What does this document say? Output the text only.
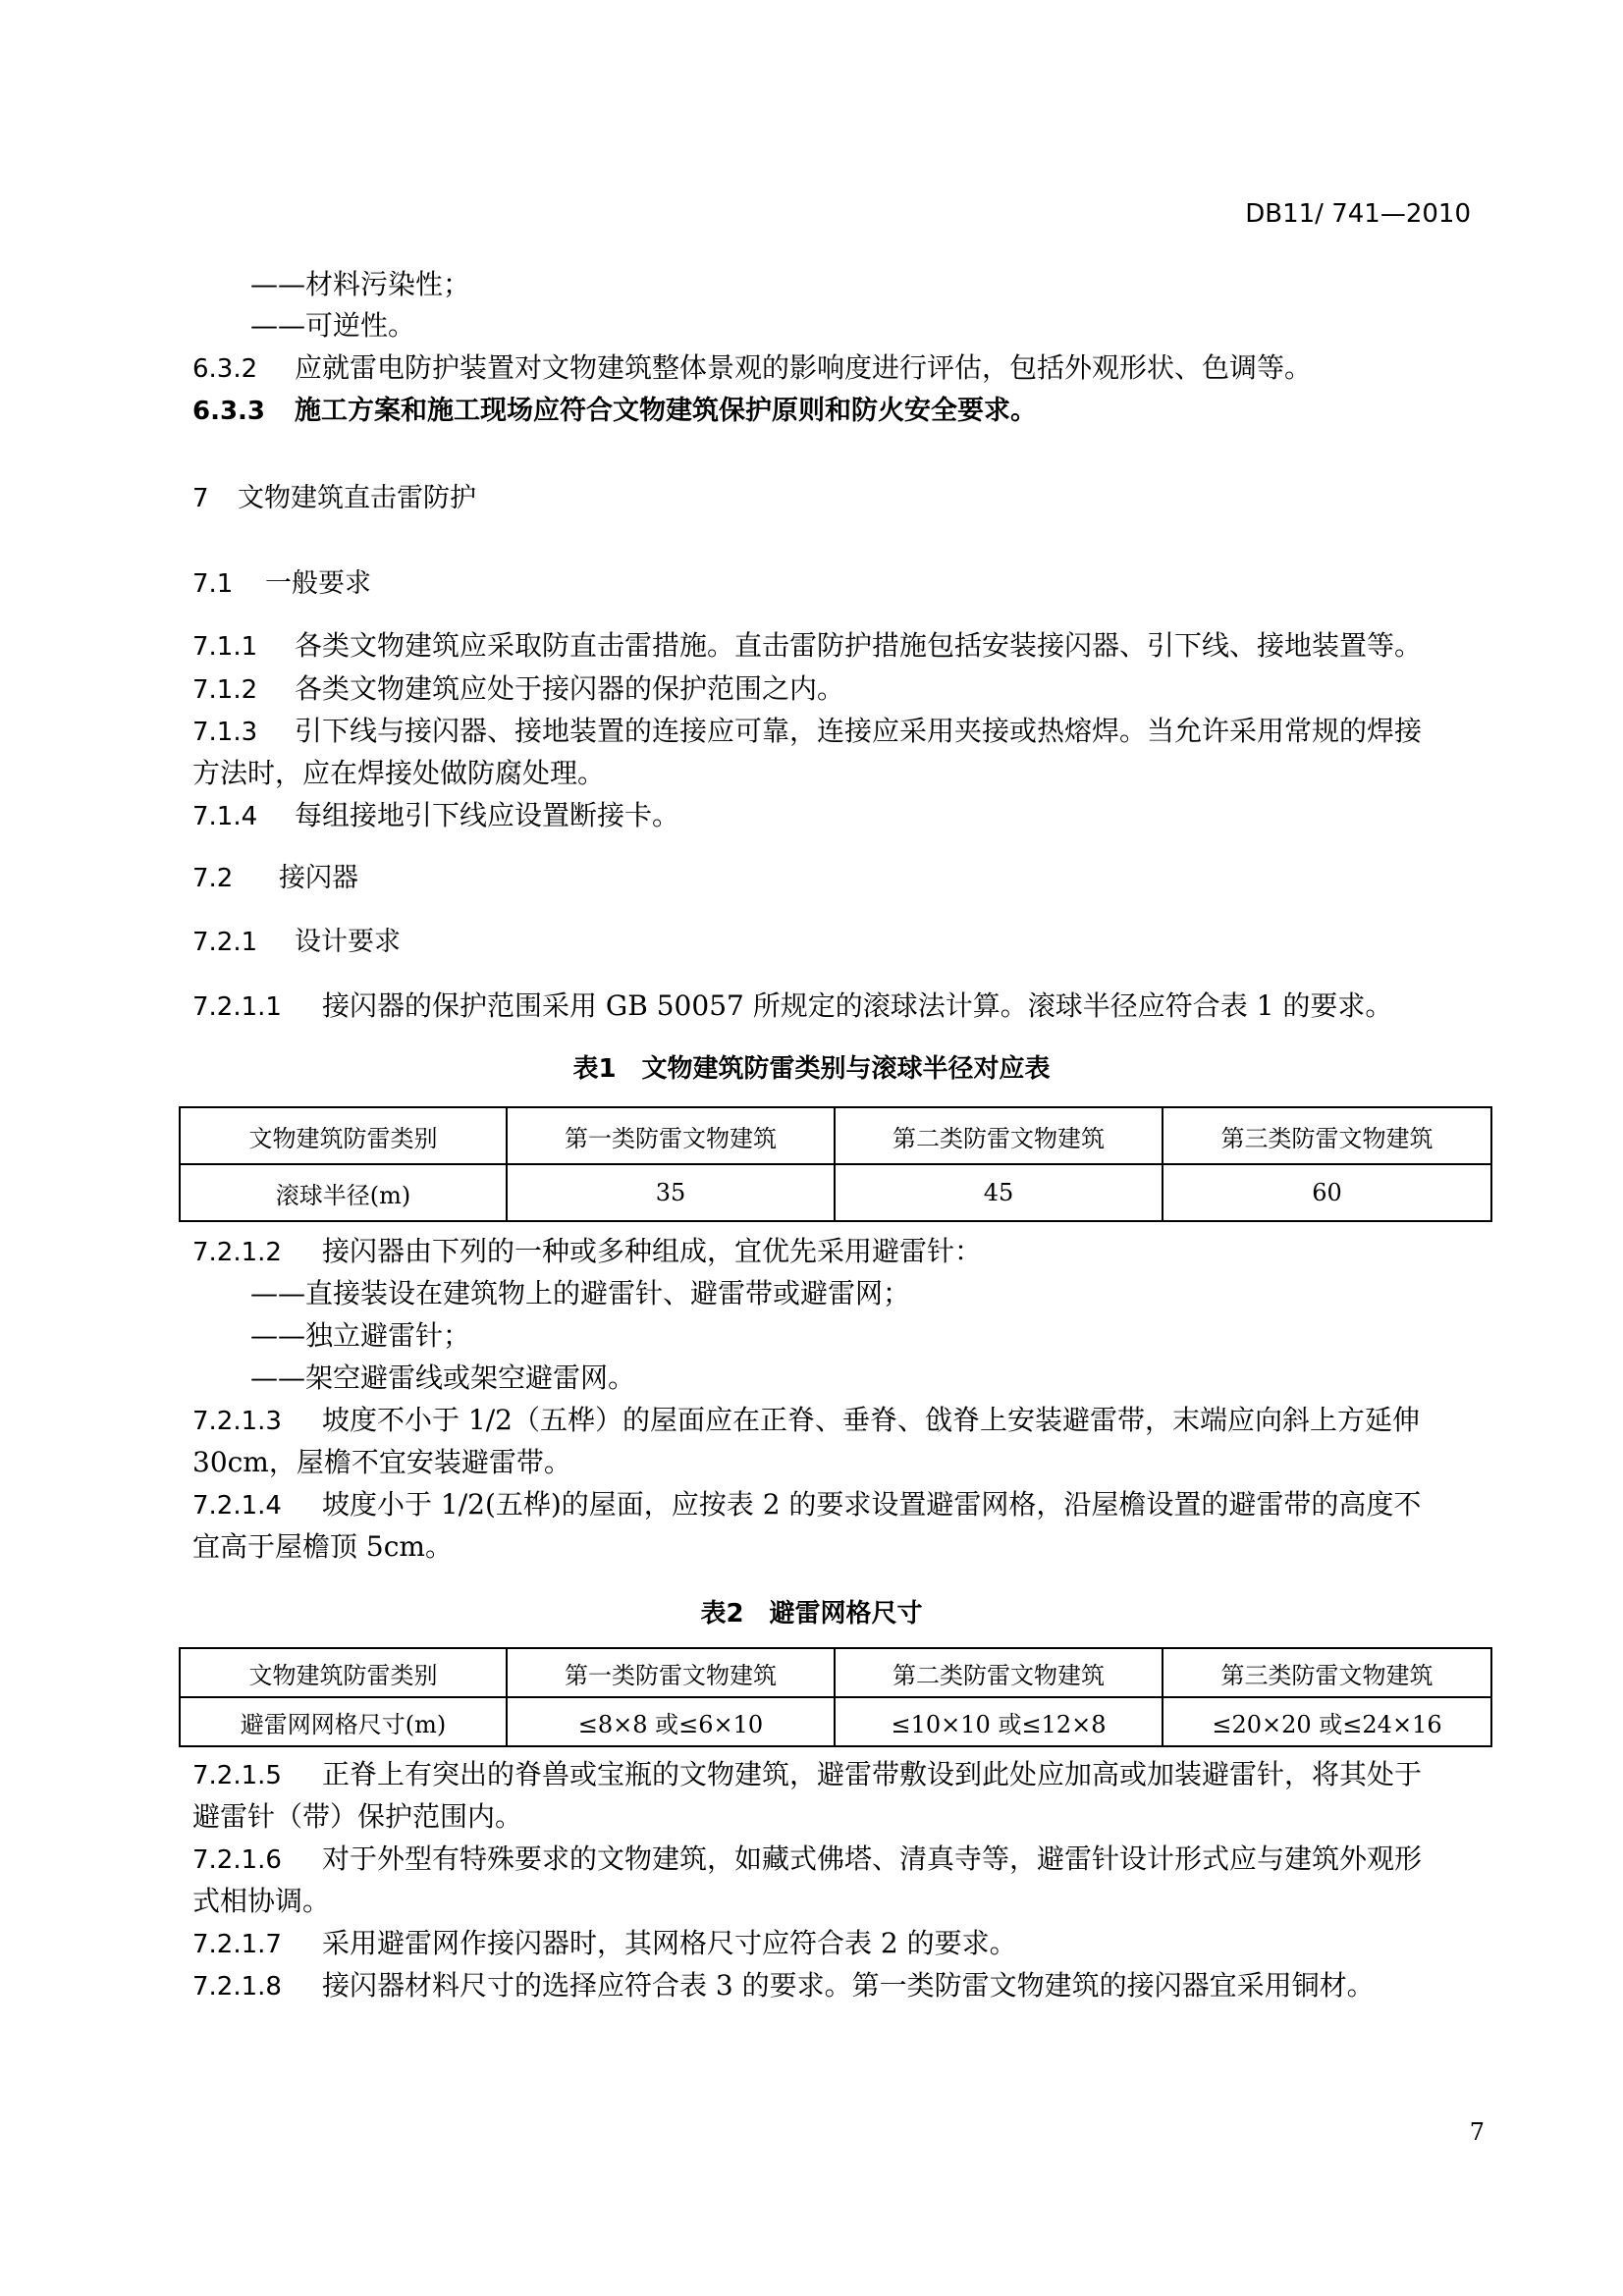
DB11/ 741—2010
——材料污染性；
——可逆性。
6.3.2 应就雷电防护装置对文物建筑整体景观的影响度进行评估，包括外观形状、色调等。
6.3.3 施工方案和施工现场应符合文物建筑保护原则和防火安全要求。
7 文物建筑直击雷防护
7.1 一般要求
7.1.1 各类文物建筑应采取防直击雷措施。直击雷防护措施包括安装接闪器、引下线、接地装置等。
7.1.2 各类文物建筑应处于接闪器的保护范围之内。
7.1.3 引下线与接闪器、接地装置的连接应可靠，连接应采用夹接或热熔焊。当允许采用常规的焊接
方法时，应在焊接处做防腐处理。
7.1.4 每组接地引下线应设置断接卡。
7.2 接闪器
7.2.1 设计要求
7.2.1.1 接闪器的保护范围采用 GB 50057 所规定的滚球法计算。滚球半径应符合表 1 的要求。
表1　文物建筑防雷类别与滚球半径对应表
文物建筑防雷类别	第一类防雷文物建筑	第二类防雷文物建筑	第三类防雷文物建筑
滚球半径(m)	35	45	60
7.2.1.2 接闪器由下列的一种或多种组成，宜优先采用避雷针：
——直接装设在建筑物上的避雷针、避雷带或避雷网；
——独立避雷针；
——架空避雷线或架空避雷网。
7.2.1.3 坡度不小于 1/2（五桦）的屋面应在正脊、垂脊、戗脊上安装避雷带，末端应向斜上方延伸
30cm，屋檐不宜安装避雷带。
7.2.1.4 坡度小于 1/2(五桦)的屋面，应按表 2 的要求设置避雷网格，沿屋檐设置的避雷带的高度不
宜高于屋檐顶 5cm。
表2　避雷网格尺寸
文物建筑防雷类别	第一类防雷文物建筑	第二类防雷文物建筑	第三类防雷文物建筑
避雷网网格尺寸(m)	≤8×8 或≤6×10	≤10×10 或≤12×8	≤20×20 或≤24×16
7.2.1.5 正脊上有突出的脊兽或宝瓶的文物建筑，避雷带敷设到此处应加高或加装避雷针，将其处于
避雷针（带）保护范围内。
7.2.1.6 对于外型有特殊要求的文物建筑，如藏式佛塔、清真寺等，避雷针设计形式应与建筑外观形
式相协调。
7.2.1.7 采用避雷网作接闪器时，其网格尺寸应符合表 2 的要求。
7.2.1.8 接闪器材料尺寸的选择应符合表 3 的要求。第一类防雷文物建筑的接闪器宜采用铜材。
7
